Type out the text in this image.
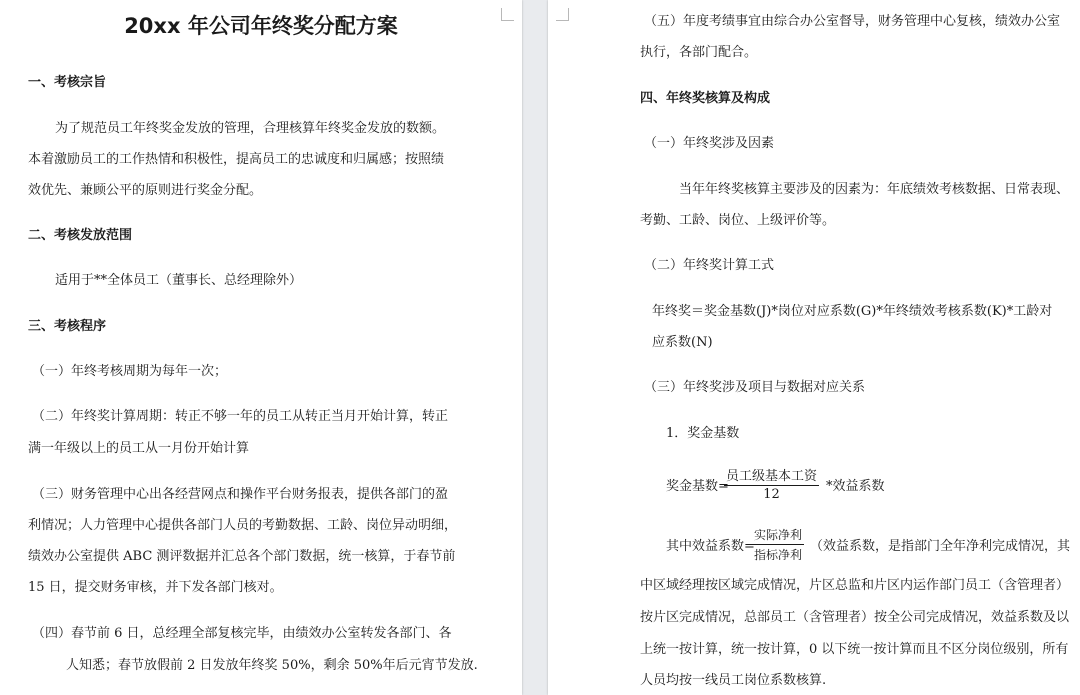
20xx 年公司年终奖分配方案

一、考核宗旨

为了规范员工年终奖金发放的管理，合理核算年终奖金发放的数额。

本着激励员工的工作热情和积极性，提高员工的忠诚度和归属感；按照绩

效优先、兼顾公平的原则进行奖金分配。

二、考核发放范围

适用于**全体员工（董事长、总经理除外）

三、考核程序

（一）年终考核周期为每年一次；

（二）年终奖计算周期：转正不够一年的员工从转正当月开始计算，转正

满一年级以上的员工从一月份开始计算

（三）财务管理中心出各经营网点和操作平台财务报表，提供各部门的盈

利情况；人力管理中心提供各部门人员的考勤数据、工龄、岗位异动明细，

绩效办公室提供 ABC 测评数据并汇总各个部门数据，统一核算，于春节前

15 日，提交财务审核，并下发各部门核对。

（四）春节前 6 日，总经理全部复核完毕，由绩效办公室转发各部门、各

人知悉；春节放假前 2 日发放年终奖 50%，剩余 50%年后元宵节发放.

（五）年度考绩事宜由综合办公室督导，财务管理中心复核，绩效办公室

执行，各部门配合。

四、年终奖核算及构成

（一）年终奖涉及因素

当年年终奖核算主要涉及的因素为：年底绩效考核数据、日常表现、

考勤、工龄、岗位、上级评价等。

（二）年终奖计算工式

年终奖＝奖金基数(J)*岗位对应系数(G)*年终绩效考核系数(K)*工龄对

应系数(N)

（三）年终奖涉及项目与数据对应关系

1．奖金基数

奖金基数=

员工级基本工资
12

*效益系数

其中效益系数=

实际净利
指标净利

（效益系数，是指部门全年净利完成情况，其

中区域经理按区域完成情况，片区总监和片区内运作部门员工（含管理者）

按片区完成情况，总部员工（含管理者）按全公司完成情况，效益系数及以

上统一按计算，统一按计算，0 以下统一按计算而且不区分岗位级别，所有

人员均按一线员工岗位系数核算.
